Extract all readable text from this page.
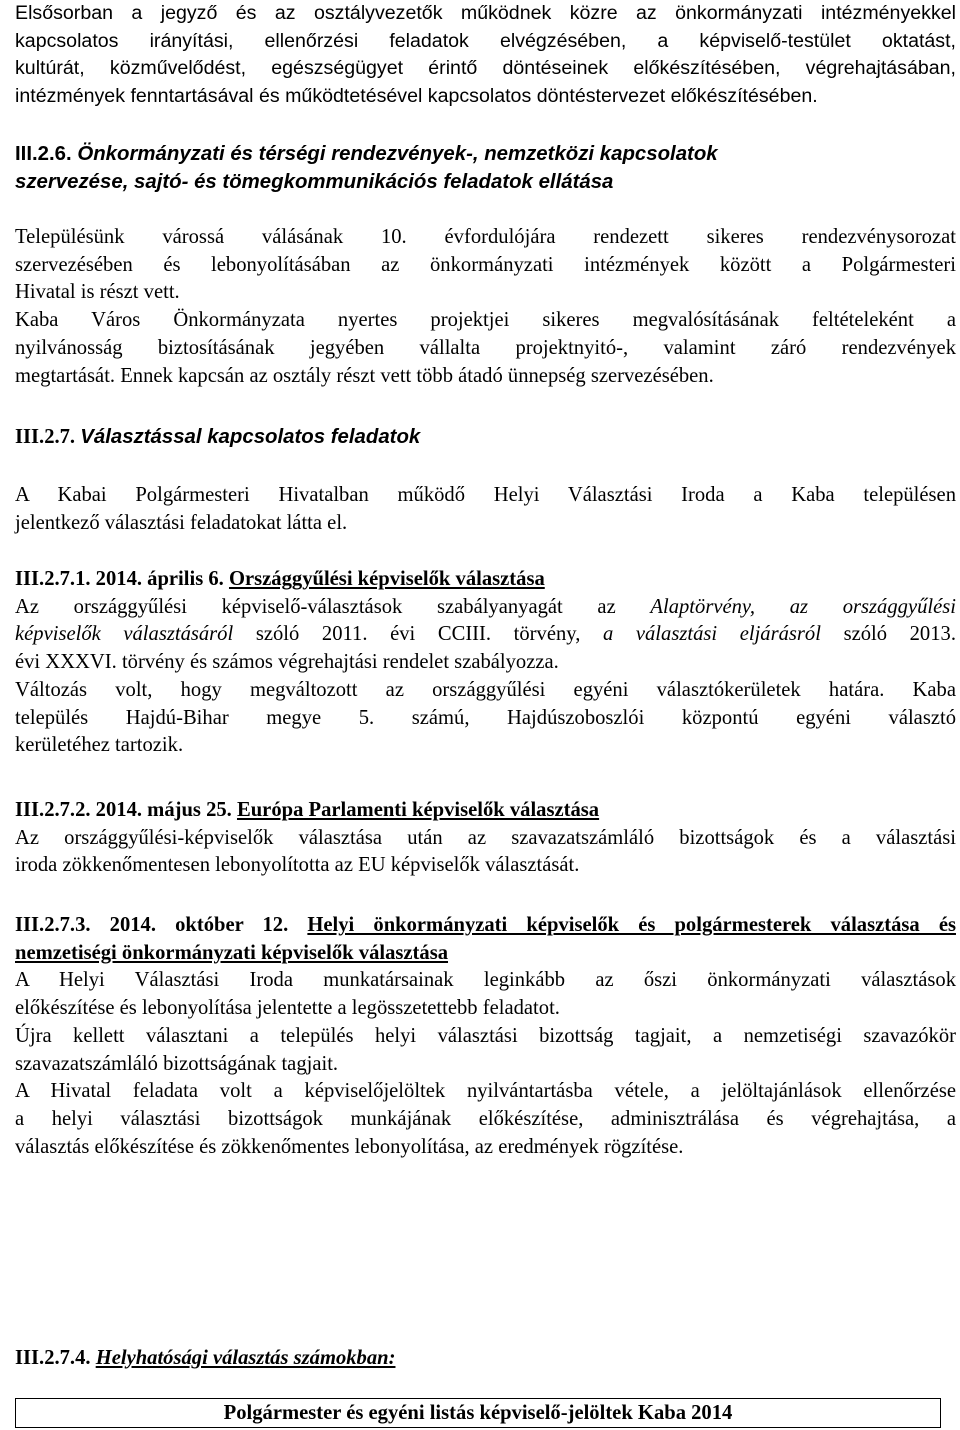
Elsősorban a jegyző és az osztályvezetők működnek közre az önkormányzati intézményekkel

kapcsolatos irányítási, ellenőrzési feladatok elvégzésében, a képviselő-testület oktatást,

kultúrát, közművelődést, egészségügyet érintő döntéseinek előkészítésében, végrehajtásában,

intézmények fenntartásával és működtetésével kapcsolatos döntéstervezet előkészítésében.

III.2.6. Önkormányzati és térségi rendezvények-, nemzetközi kapcsolatok

szervezése, sajtó- és tömegkommunikációs feladatok ellátása

Településünk várossá válásának 10. évfordulójára rendezett sikeres rendezvénysorozat

szervezésében és lebonyolításában az önkormányzati intézmények között a Polgármesteri

Hivatal is részt vett.

Kaba Város Önkormányzata nyertes projektjei sikeres megvalósításának feltételeként a

nyilvánosság biztosításának jegyében vállalta projektnyitó-, valamint záró rendezvények

megtartását. Ennek kapcsán az osztály részt vett több átadó ünnepség szervezésében.

III.2.7. Választással kapcsolatos feladatok

A Kabai Polgármesteri Hivatalban működő Helyi Választási Iroda a Kaba településen

jelentkező választási feladatokat látta el.

III.2.7.1. 2014. április 6. Országgyűlési képviselők választása

Az országgyűlési képviselő-választások szabályanyagát az Alaptörvény, az országgyűlési

képviselők választásáról szóló 2011. évi CCIII. törvény, a választási eljárásról szóló 2013.

évi XXXVI. törvény és számos végrehajtási rendelet szabályozza.

Változás volt, hogy megváltozott az országgyűlési egyéni választókerületek határa. Kaba

település Hajdú-Bihar megye 5. számú, Hajdúszoboszlói központú egyéni választó

kerületéhez tartozik.

III.2.7.2. 2014. május 25. Európa Parlamenti képviselők választása

Az országgyűlési-képviselők választása után az szavazatszámláló bizottságok és a választási

iroda zökkenőmentesen lebonyolította az EU képviselők választását.

III.2.7.3. 2014. október 12. Helyi önkormányzati képviselők és polgármesterek választása és

nemzetiségi önkormányzati képviselők választása

A Helyi Választási Iroda munkatársainak leginkább az őszi önkormányzati választások

előkészítése és lebonyolítása jelentette a legösszetettebb feladatot.

Újra kellett választani a település helyi választási bizottság tagjait, a nemzetiségi szavazókör

szavazatszámláló bizottságának tagjait.

A Hivatal feladata volt a képviselőjelöltek nyilvántartásba vétele, a jelöltajánlások ellenőrzése

a helyi választási bizottságok munkájának előkészítése, adminisztrálása és végrehajtása, a

választás előkészítése és zökkenőmentes lebonyolítása, az eredmények rögzítése.

III.2.7.4. Helyhatósági választás számokban:

Polgármester és egyéni listás képviselő-jelöltek Kaba 2014
